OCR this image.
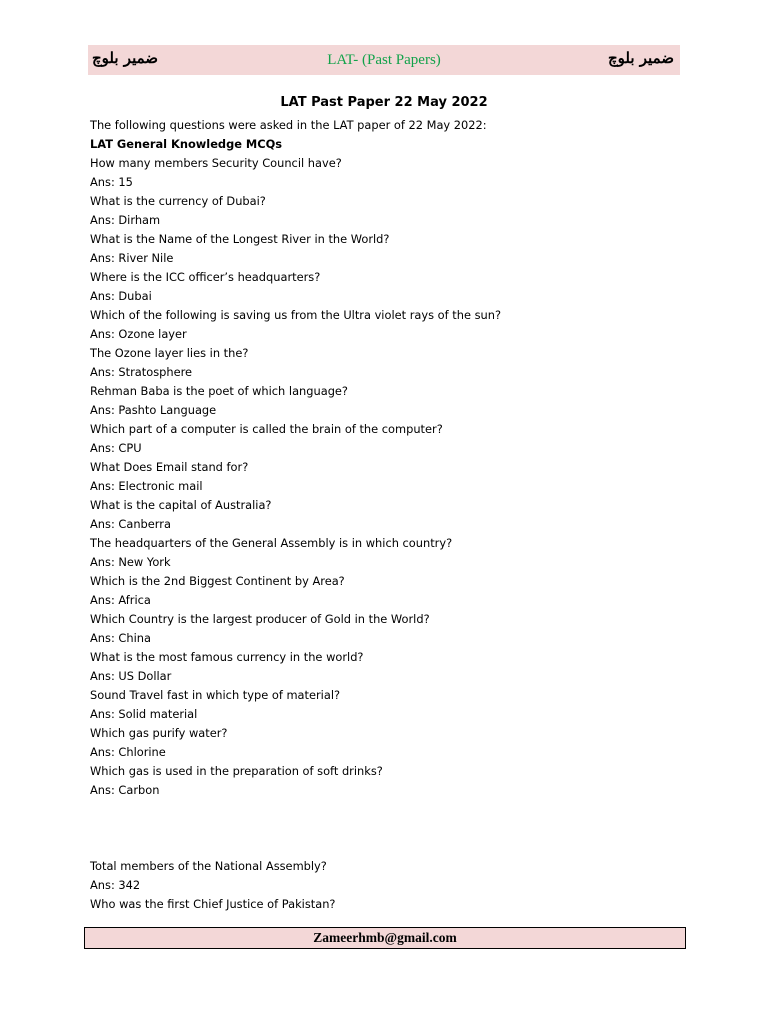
ضمیر بلوچ	LAT- (Past Papers)	ضمیر بلوچ
LAT Past Paper 22 May 2022
The following questions were asked in the LAT paper of 22 May 2022:
LAT General Knowledge MCQs
How many members Security Council have?
Ans: 15
What is the currency of Dubai?
Ans: Dirham
What is the Name of the Longest River in the World?
Ans: River Nile
Where is the ICC officer’s headquarters?
Ans: Dubai
Which of the following is saving us from the Ultra violet rays of the sun?
Ans: Ozone layer
The Ozone layer lies in the?
Ans: Stratosphere
Rehman Baba is the poet of which language?
Ans: Pashto Language
Which part of a computer is called the brain of the computer?
Ans: CPU
What Does Email stand for?
Ans: Electronic mail
What is the capital of Australia?
Ans: Canberra
The headquarters of the General Assembly is in which country?
Ans: New York
Which is the 2nd Biggest Continent by Area?
Ans: Africa
Which Country is the largest producer of Gold in the World?
Ans: China
What is the most famous currency in the world?
Ans: US Dollar
Sound Travel fast in which type of material?
Ans: Solid material
Which gas purify water?
Ans: Chlorine
Which gas is used in the preparation of soft drinks?
Ans: Carbon
Total members of the National Assembly?
Ans: 342
Who was the first Chief Justice of Pakistan?
Zameerhmb@gmail.com
